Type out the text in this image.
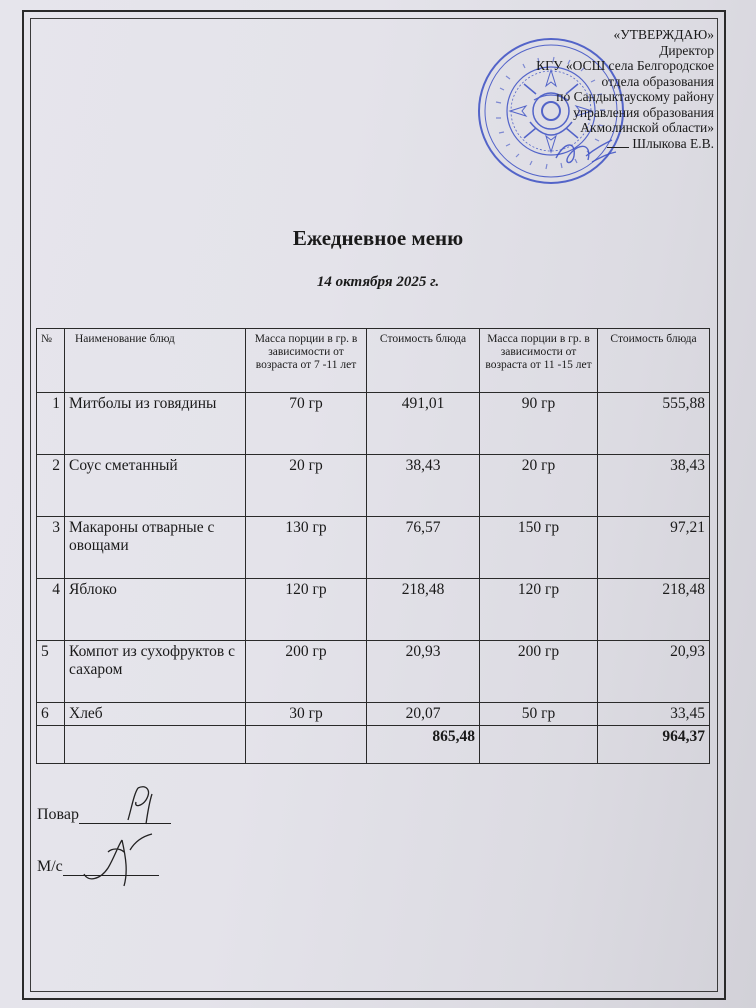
«УТВЕРЖДАЮ»
Директор
КГУ «ОСШ села Белгородское
отдела образования
по Сандыктаускому району
управления образования
Акмолинской области»
Шлыкова Е.В.
Ежедневное меню
14 октября 2025 г.
№	Наименование блюд	Масса порции в гр. в зависимости от возраста от 7 -11 лет	Стоимость блюда	Масса порции в гр. в зависимости от возраста от 11 -15 лет	Стоимость блюда
1	Митболы из говядины	70 гр	491,01	90 гр	555,88
2	Соус сметанный	20 гр	38,43	20 гр	38,43
3	Макароны отварные с овощами	130 гр	76,57	150 гр	97,21
4	Яблоко	120 гр	218,48	120 гр	218,48
5	Компот из сухофруктов с сахаром	200 гр	20,93	200 гр	20,93
6	Хлеб	30 гр	20,07	50 гр	33,45
			865,48		964,37
Повар
М/с
